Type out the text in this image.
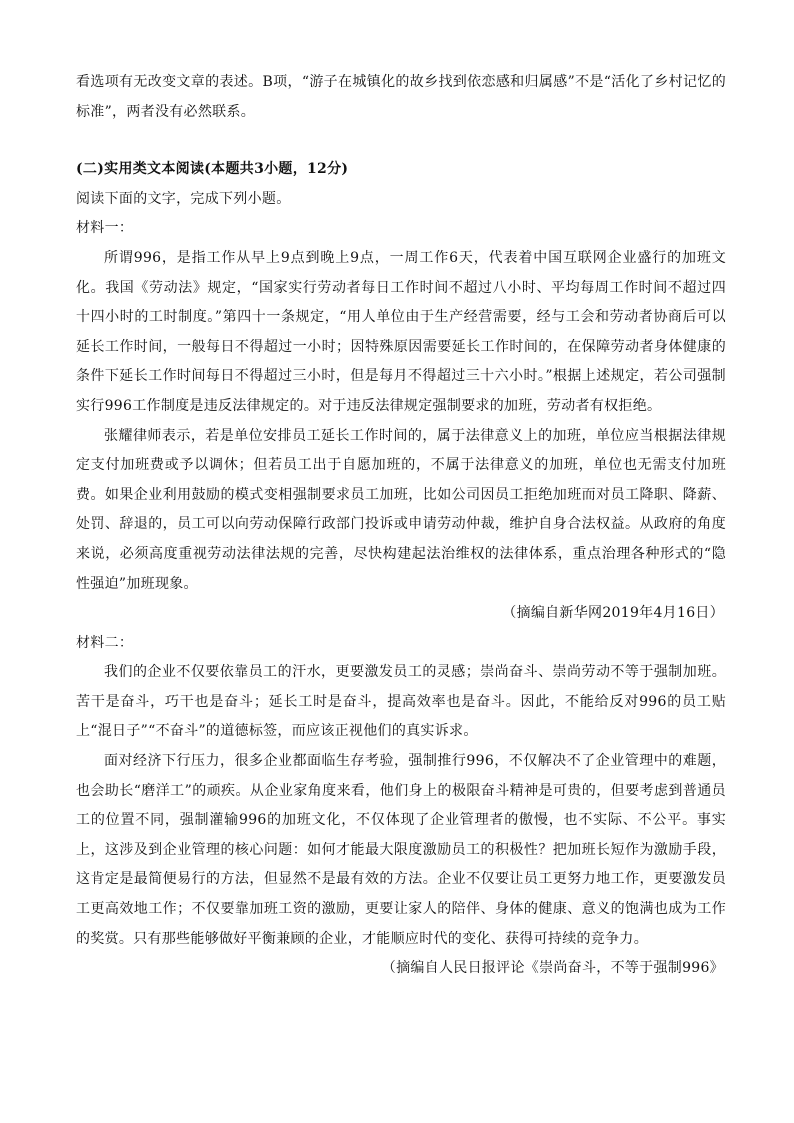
看选项有无改变文章的表述。B项，“游子在城镇化的故乡找到依恋感和归属感”不是“活化了乡村记忆的标准”，两者没有必然联系。

(二)实用类文本阅读(本题共3小题，12分)

阅读下面的文字，完成下列小题。

材料一：

所谓996，是指工作从早上9点到晚上9点，一周工作6天，代表着中国互联网企业盛行的加班文化。我国《劳动法》规定，“国家实行劳动者每日工作时间不超过八小时、平均每周工作时间不超过四十四小时的工时制度。”第四十一条规定，“用人单位由于生产经营需要，经与工会和劳动者协商后可以延长工作时间，一般每日不得超过一小时；因特殊原因需要延长工作时间的，在保障劳动者身体健康的条件下延长工作时间每日不得超过三小时，但是每月不得超过三十六小时。”根据上述规定，若公司强制实行996工作制度是违反法律规定的。对于违反法律规定强制要求的加班，劳动者有权拒绝。

张耀律师表示，若是单位安排员工延长工作时间的，属于法律意义上的加班，单位应当根据法律规定支付加班费或予以调休；但若员工出于自愿加班的，不属于法律意义的加班，单位也无需支付加班费。如果企业利用鼓励的模式变相强制要求员工加班，比如公司因员工拒绝加班而对员工降职、降薪、处罚、辞退的，员工可以向劳动保障行政部门投诉或申请劳动仲裁，维护自身合法权益。从政府的角度来说，必须高度重视劳动法律法规的完善，尽快构建起法治维权的法律体系，重点治理各种形式的“隐性强迫”加班现象。

（摘编自新华网2019年4月16日）

材料二：

我们的企业不仅要依靠员工的汗水，更要激发员工的灵感；崇尚奋斗、崇尚劳动不等于强制加班。苦干是奋斗，巧干也是奋斗；延长工时是奋斗，提高效率也是奋斗。因此，不能给反对996的员工贴上“混日子”“不奋斗”的道德标签，而应该正视他们的真实诉求。

面对经济下行压力，很多企业都面临生存考验，强制推行996，不仅解决不了企业管理中的难题，也会助长“磨洋工”的顽疾。从企业家角度来看，他们身上的极限奋斗精神是可贵的，但要考虑到普通员工的位置不同，强制灌输996的加班文化，不仅体现了企业管理者的傲慢，也不实际、不公平。事实上，这涉及到企业管理的核心问题：如何才能最大限度激励员工的积极性？把加班长短作为激励手段，这肯定是最简便易行的方法，但显然不是最有效的方法。企业不仅要让员工更努力地工作，更要激发员工更高效地工作；不仅要靠加班工资的激励，更要让家人的陪伴、身体的健康、意义的饱满也成为工作的奖赏。只有那些能够做好平衡兼顾的企业，才能顺应时代的变化、获得可持续的竞争力。

（摘编自人民日报评论《崇尚奋斗，不等于强制996》
